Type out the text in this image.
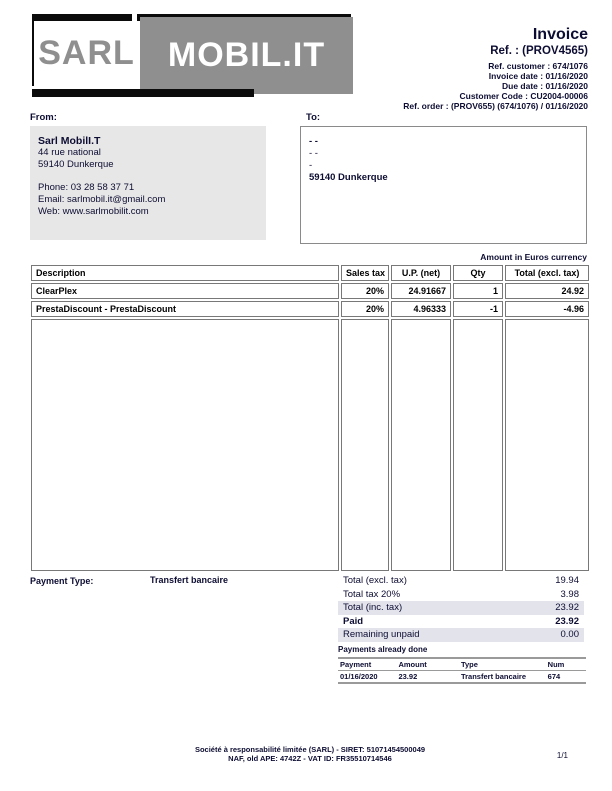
SARL MOBIL.IT
Invoice
Ref. : (PROV4565)
Ref. customer : 674/1076
Invoice date : 01/16/2020
Due date : 01/16/2020
Customer Code : CU2004-00006
Ref. order : (PROV655) (674/1076) / 01/16/2020
From:
Sarl MobilI.T
44 rue national
59140 Dunkerque
Phone: 03 28 58 37 71
Email: sarlmobil.it@gmail.com
Web: www.sarlmobilit.com
To:
- -
- -
-
59140 Dunkerque
Amount in Euros currency
Description	Sales tax	U.P. (net)	Qty	Total (excl. tax)
ClearPlex	20%	24.91667	1	24.92
PrestaDiscount - PrestaDiscount	20%	4.96333	-1	-4.96

Payment Type:	Transfert bancaire	Total (excl. tax)	19.94
Total tax 20%	3.98
Total (inc. tax)	23.92
Paid	23.92
Remaining unpaid	0.00
Payments already done
Payment	Amount	Type	Num
01/16/2020	23.92	Transfert bancaire	674
Société à responsabilité limitée (SARL) - SIRET: 51071454500049
NAF, old APE: 4742Z - VAT ID: FR35510714546	1/1
